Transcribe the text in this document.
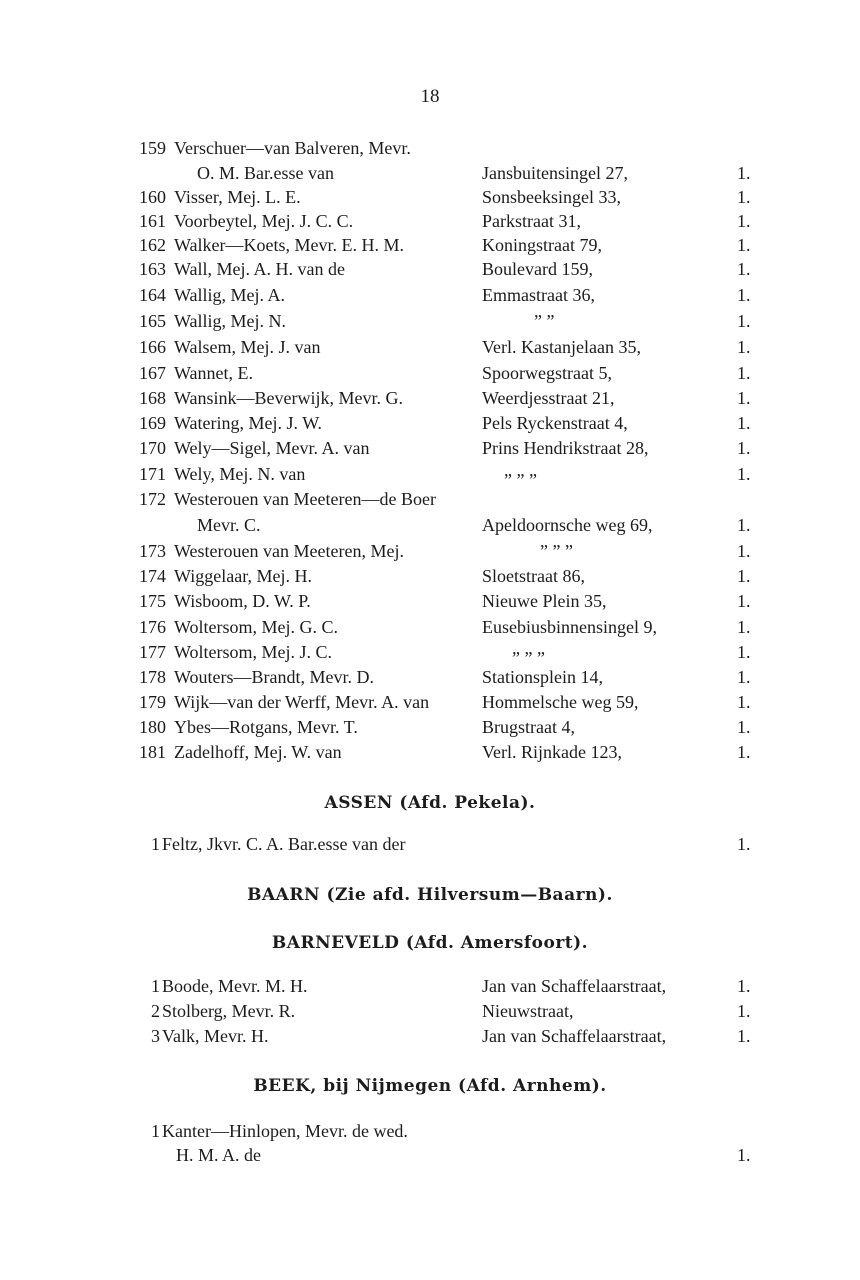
18
159 Verschuer—van Balveren, Mevr.
O. M. Bar.esse van	Jansbuitensingel 27,	1.
160 Visser, Mej. L. E.	Sonsbeeksingel 33,	1.
161 Voorbeytel, Mej. J. C. C.	Parkstraat 31,	1.
162 Walker—Koets, Mevr. E. H. M.	Koningstraat 79,	1.
163 Wall, Mej. A. H. van de	Boulevard 159,	1.
164 Wallig, Mej. A.	Emmastraat 36,	1.
165 Wallig, Mej. N.	” ”	1.
166 Walsem, Mej. J. van	Verl. Kastanjelaan 35,	1.
167 Wannet, E.	Spoorwegstraat 5,	1.
168 Wansink—Beverwijk, Mevr. G.	Weerdjesstraat 21,	1.
169 Watering, Mej. J. W.	Pels Ryckenstraat 4,	1.
170 Wely—Sigel, Mevr. A. van	Prins Hendrikstraat 28,	1.
171 Wely, Mej. N. van	” ” ”	1.
172 Westerouen van Meeteren—de Boer
Mevr. C.	Apeldoornsche weg 69,	1.
173 Westerouen van Meeteren, Mej.	” ” ”	1.
174 Wiggelaar, Mej. H.	Sloetstraat 86,	1.
175 Wisboom, D. W. P.	Nieuwe Plein 35,	1.
176 Woltersom, Mej. G. C.	Eusebiusbinnensingel 9,	1.
177 Woltersom, Mej. J. C.	” ” ”	1.
178 Wouters—Brandt, Mevr. D.	Stationsplein 14,	1.
179 Wijk—van der Werff, Mevr. A. van	Hommelsche weg 59,	1.
180 Ybes—Rotgans, Mevr. T.	Brugstraat 4,	1.
181 Zadelhoff, Mej. W. van	Verl. Rijnkade 123,	1.
ASSEN (Afd. Pekela).
1 Feltz, Jkvr. C. A. Bar.esse van der	1.
BAARN (Zie afd. Hilversum—Baarn).
BARNEVELD (Afd. Amersfoort).
1 Boode, Mevr. M. H.	Jan van Schaffelaarstraat,	1.
2 Stolberg, Mevr. R.	Nieuwstraat,	1.
3 Valk, Mevr. H.	Jan van Schaffelaarstraat,	1.
BEEK, bij Nijmegen (Afd. Arnhem).
1 Kanter—Hinlopen, Mevr. de wed.
H. M. A. de	1.
